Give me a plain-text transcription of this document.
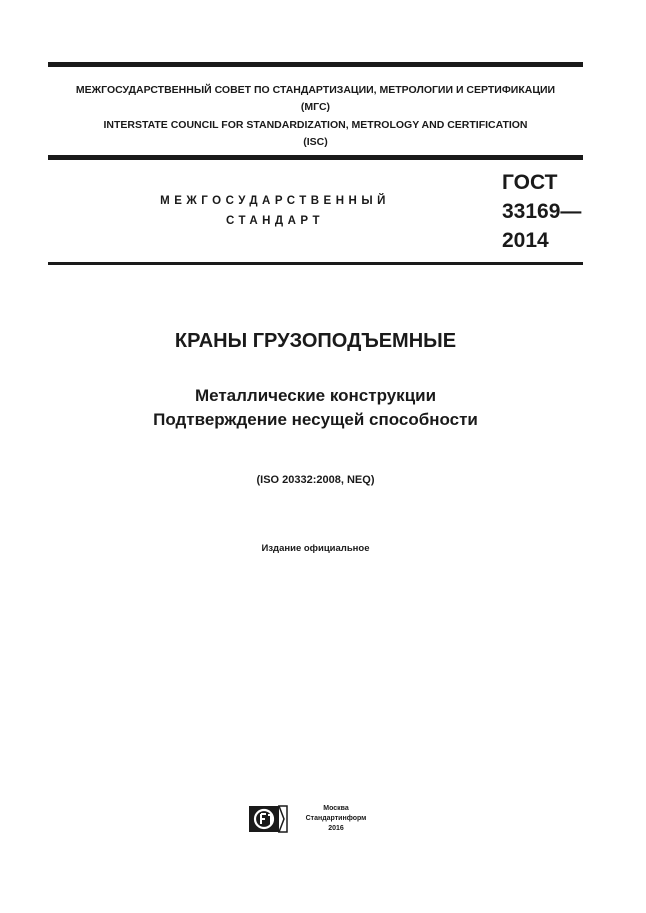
МЕЖГОСУДАРСТВЕННЫЙ СОВЕТ ПО СТАНДАРТИЗАЦИИ, МЕТРОЛОГИИ И СЕРТИФИКАЦИИ
(МГС)
INTERSTATE COUNCIL FOR STANDARDIZATION, METROLOGY AND CERTIFICATION
(ISC)
МЕЖГОСУДАРСТВЕННЫЙ
СТАНДАРТ
ГОСТ
33169—
2014
КРАНЫ ГРУЗОПОДЪЕМНЫЕ
Металлические конструкции
Подтверждение несущей способности
(ISO 20332:2008, NEQ)
Издание официальное
Москва
Стандартинформ
2016
